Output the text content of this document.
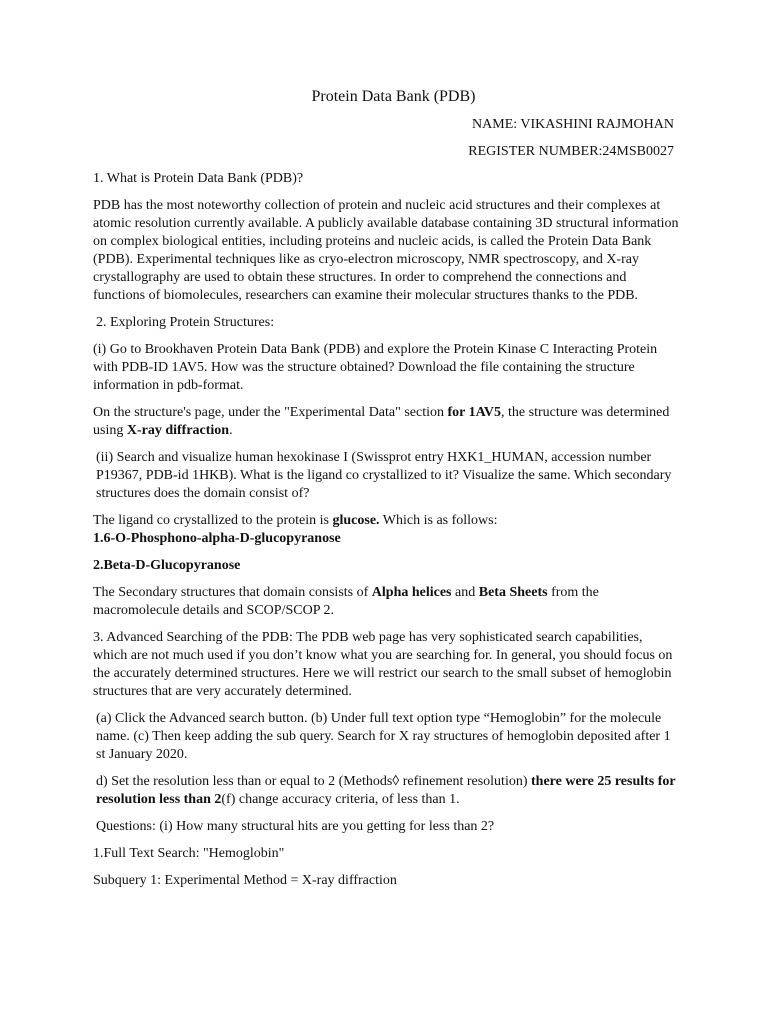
Protein Data Bank (PDB)
NAME: VIKASHINI RAJMOHAN
REGISTER NUMBER:24MSB0027

1. What is Protein Data Bank (PDB)?

PDB has the most noteworthy collection of protein and nucleic acid structures and their complexes at atomic resolution currently available. A publicly available database containing 3D structural information on complex biological entities, including proteins and nucleic acids, is called the Protein Data Bank (PDB). Experimental techniques like as cryo-electron microscopy, NMR spectroscopy, and X-ray crystallography are used to obtain these structures. In order to comprehend the connections and functions of biomolecules, researchers can examine their molecular structures thanks to the PDB.

2. Exploring Protein Structures:

(i) Go to Brookhaven Protein Data Bank (PDB) and explore the Protein Kinase C Interacting Protein with PDB-ID 1AV5. How was the structure obtained? Download the file containing the structure information in pdb-format.

On the structure's page, under the "Experimental Data" section for 1AV5, the structure was determined using X-ray diffraction.

(ii) Search and visualize human hexokinase I (Swissprot entry HXK1_HUMAN, accession number P19367, PDB-id 1HKB). What is the ligand co crystallized to it? Visualize the same. Which secondary structures does the domain consist of?

The ligand co crystallized to the protein is glucose. Which is as follows:

1.6-O-Phosphono-alpha-D-glucopyranose
2.Beta-D-Glucopyranose

The Secondary structures that domain consists of Alpha helices and Beta Sheets from the macromolecule details and SCOP/SCOP 2.

3. Advanced Searching of the PDB: The PDB web page has very sophisticated search capabilities, which are not much used if you don’t know what you are searching for. In general, you should focus on the accurately determined structures. Here we will restrict our search to the small subset of hemoglobin structures that are very accurately determined.

(a) Click the Advanced search button. (b) Under full text option type “Hemoglobin” for the molecule name. (c) Then keep adding the sub query. Search for X ray structures of hemoglobin deposited after 1 st January 2020.

d) Set the resolution less than or equal to 2 (Methods◊ refinement resolution) there were 25 results for resolution less than 2(f) change accuracy criteria, of less than 1.

Questions: (i) How many structural hits are you getting for less than 2?

1.Full Text Search: "Hemoglobin"

Subquery 1: Experimental Method = X-ray diffraction
